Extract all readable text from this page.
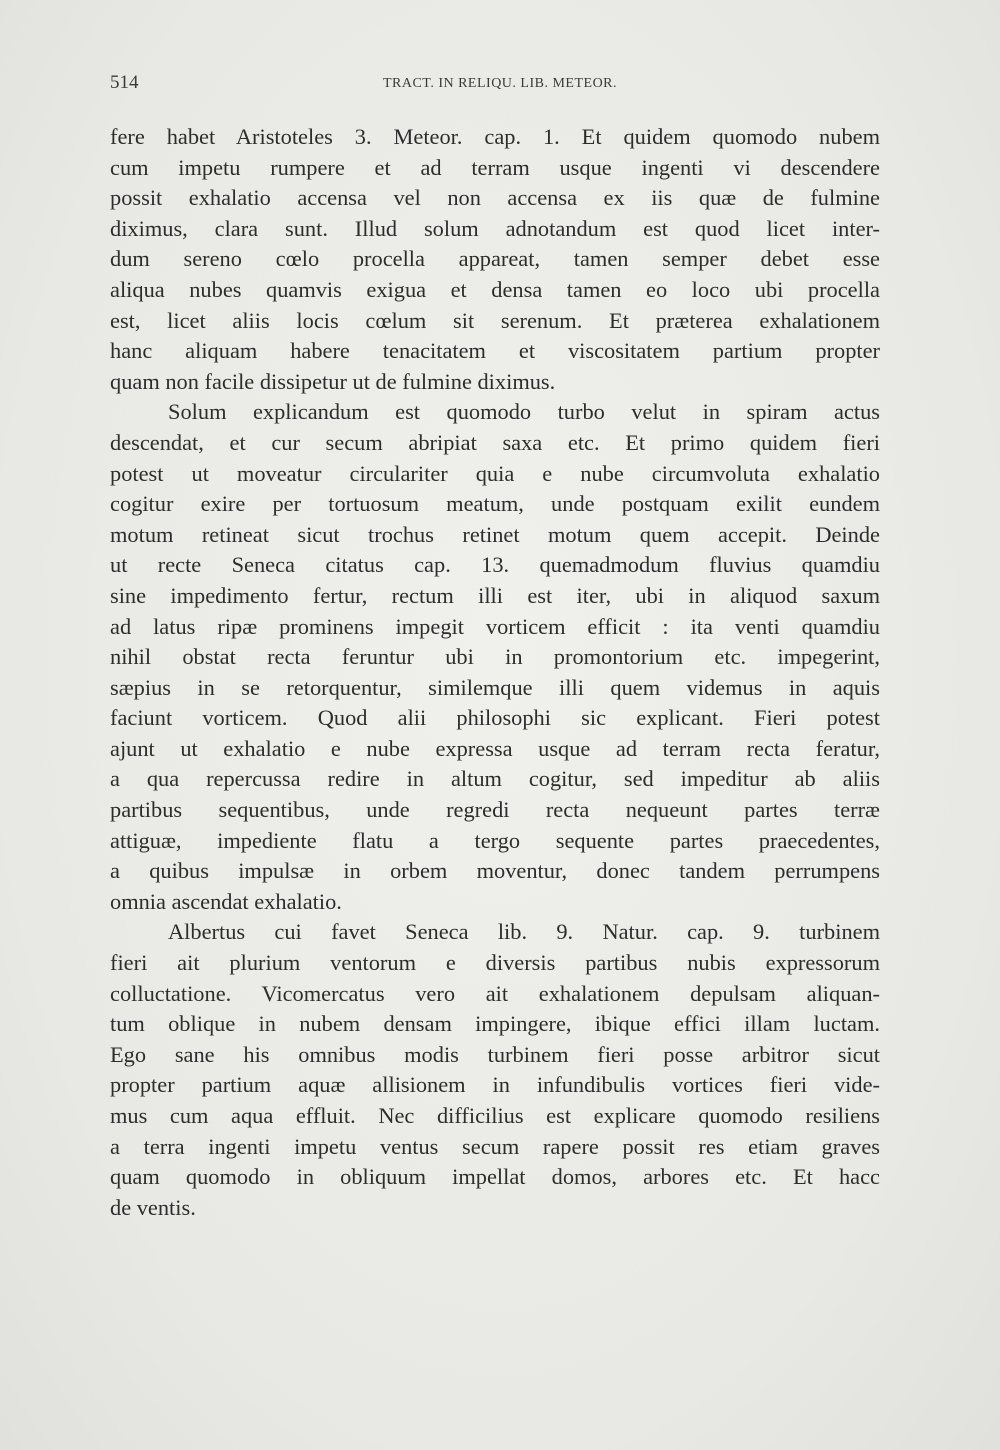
514	TRACT. IN RELIQU. LIB. METEOR.
fere habet Aristoteles 3. Meteor. cap. 1. Et quidem quomodo nubem
cum impetu rumpere et ad terram usque ingenti vi descendere
possit exhalatio accensa vel non accensa ex iis quæ de fulmine
diximus, clara sunt. Illud solum adnotandum est quod licet inter-
dum sereno cœlo procella appareat, tamen semper debet esse
aliqua nubes quamvis exigua et densa tamen eo loco ubi procella
est, licet aliis locis cœlum sit serenum. Et præterea exhalationem
hanc aliquam habere tenacitatem et viscositatem partium propter
quam non facile dissipetur ut de fulmine diximus.
Solum explicandum est quomodo turbo velut in spiram actus
descendat, et cur secum abripiat saxa etc. Et primo quidem fieri
potest ut moveatur circulariter quia e nube circumvoluta exhalatio
cogitur exire per tortuosum meatum, unde postquam exilit eundem
motum retineat sicut trochus retinet motum quem accepit. Deinde
ut recte Seneca citatus cap. 13. quemadmodum fluvius quamdiu
sine impedimento fertur, rectum illi est iter, ubi in aliquod saxum
ad latus ripæ prominens impegit vorticem efficit : ita venti quamdiu
nihil obstat recta feruntur ubi in promontorium etc. impegerint,
sæpius in se retorquentur, similemque illi quem videmus in aquis
faciunt vorticem. Quod alii philosophi sic explicant. Fieri potest
ajunt ut exhalatio e nube expressa usque ad terram recta feratur,
a qua repercussa redire in altum cogitur, sed impeditur ab aliis
partibus sequentibus, unde regredi recta nequeunt partes terræ
attiguæ, impediente flatu a tergo sequente partes praecedentes,
a quibus impulsæ in orbem moventur, donec tandem perrumpens
omnia ascendat exhalatio.
Albertus cui favet Seneca lib. 9. Natur. cap. 9. turbinem
fieri ait plurium ventorum e diversis partibus nubis expressorum
colluctatione. Vicomercatus vero ait exhalationem depulsam aliquan-
tum oblique in nubem densam impingere, ibique effici illam luctam.
Ego sane his omnibus modis turbinem fieri posse arbitror sicut
propter partium aquæ allisionem in infundibulis vortices fieri vide-
mus cum aqua effluit. Nec difficilius est explicare quomodo resiliens
a terra ingenti impetu ventus secum rapere possit res etiam graves
quam quomodo in obliquum impellat domos, arbores etc. Et hacc
de ventis.
